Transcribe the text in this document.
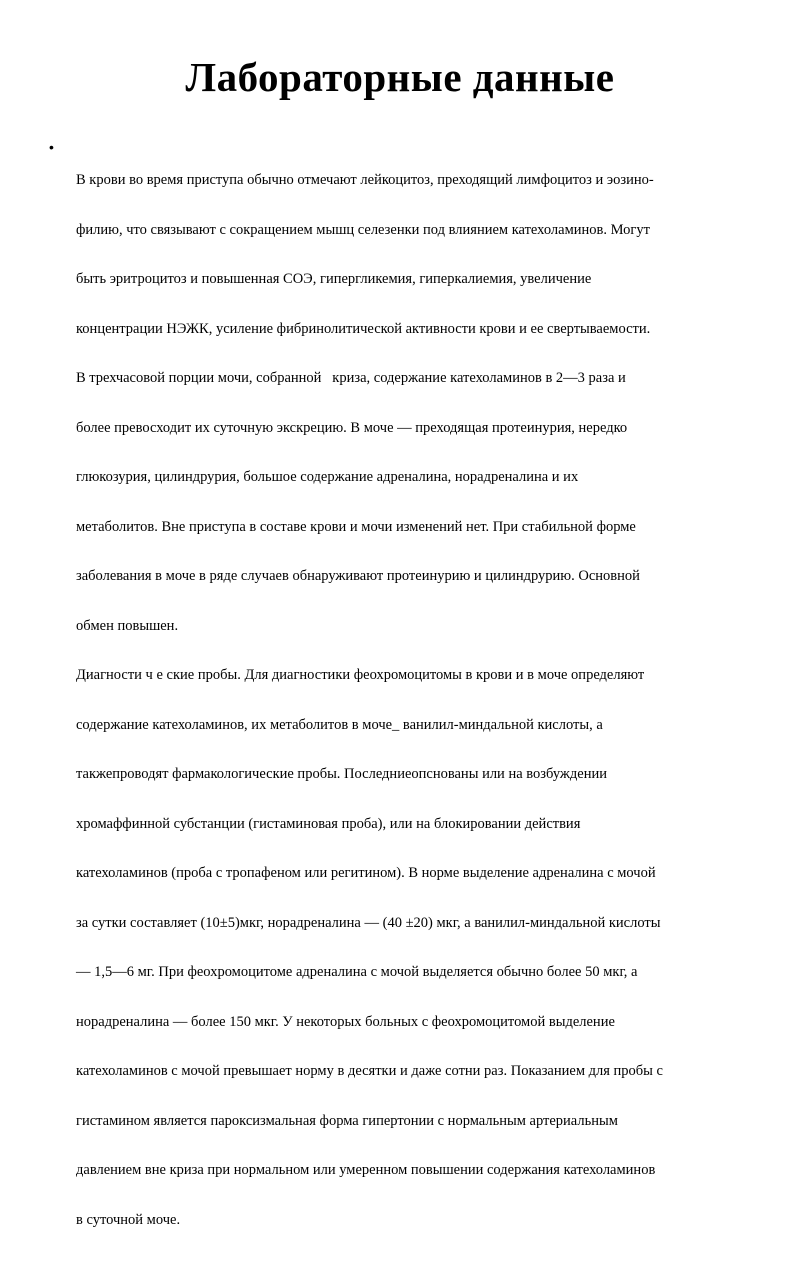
Лабораторные данные
•

В крови во время приступа обычно отмечают лейкоцитоз, преходящий лимфоцитоз и эозино-

филию, что связывают с сокращением мышц селезенки под влиянием катехоламинов. Могут

быть эритроцитоз и повышенная СОЭ, гипергликемия, гиперкалиемия, увеличение

концентрации НЭЖК, усиление фибринолитической активности крови и ее свертываемости.

В трехчасовой порции мочи, собранной   криза, содержание катехоламинов в 2—3 раза и

более превосходит их суточную экскрецию. В моче — преходящая протеинурия, нередко

глюкозурия, цилиндрурия, большое содержание адреналина, норадреналина и их

метаболитов. Вне приступа в составе крови и мочи изменений нет. При стабильной форме

заболевания в моче в ряде случаев обнаруживают протеинурию и цилиндрурию. Основной

обмен повышен.

Диагности ч е ские пробы. Для диагностики феохромоцитомы в крови и в моче определяют

содержание катехоламинов, их метаболитов в моче_ ванилил-миндальной кислоты, а

такжепроводят фармакологические пробы. Последниеопснованы или на возбуждении

хромаффинной субстанции (гистаминовая проба), или на блокировании действия

катехоламинов (проба с тропафеном или регитином). В норме выделение адреналина с мочой

за сутки составляет (10±5)мкг, норадреналина — (40 ±20) мкг, а ванилил-миндальной кислоты

— 1,5—6 мг. При феохромоцитоме адреналина с мочой выделяется обычно более 50 мкг, а

норадреналина — более 150 мкг. У некоторых больных с феохромоцитомой выделение

катехоламинов с мочой превышает норму в десятки и даже сотни раз. Показанием для пробы с

гистамином является пароксизмальная форма гипертонии с нормальным артериальным

давлением вне криза при нормальном или умеренном повышении содержания катехоламинов

в суточной моче.
